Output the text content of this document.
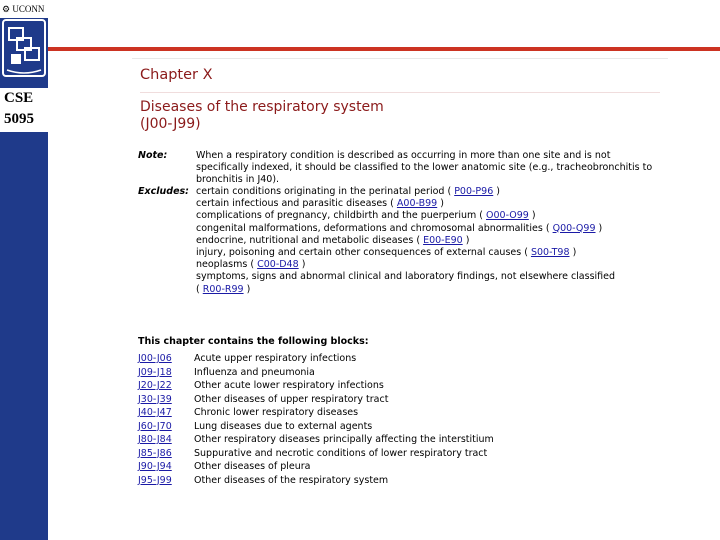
⚙
UCONN
CSE
5095
Chapter X
Diseases of the respiratory system
(J00-J99)
Note:	When a respiratory condition is described as occurring in more than one site and is not specifically indexed, it should be classified to the lower anatomic site (e.g., tracheobronchitis to bronchitis in J40).
Excludes: certain conditions originating in the perinatal period ( P00-P96 )
certain infectious and parasitic diseases ( A00-B99 )
complications of pregnancy, childbirth and the puerperium ( O00-O99 )
congenital malformations, deformations and chromosomal abnormalities ( Q00-Q99 )
endocrine, nutritional and metabolic diseases ( E00-E90 )
injury, poisoning and certain other consequences of external causes ( S00-T98 )
neoplasms ( C00-D48 )
symptoms, signs and abnormal clinical and laboratory findings, not elsewhere classified
( R00-R99 )
This chapter contains the following blocks:
J00-J06	Acute upper respiratory infections
J09-J18	Influenza and pneumonia
J20-J22	Other acute lower respiratory infections
J30-J39	Other diseases of upper respiratory tract
J40-J47	Chronic lower respiratory diseases
J60-J70	Lung diseases due to external agents
J80-J84	Other respiratory diseases principally affecting the interstitium
J85-J86	Suppurative and necrotic conditions of lower respiratory tract
J90-J94	Other diseases of pleura
J95-J99	Other diseases of the respiratory system
